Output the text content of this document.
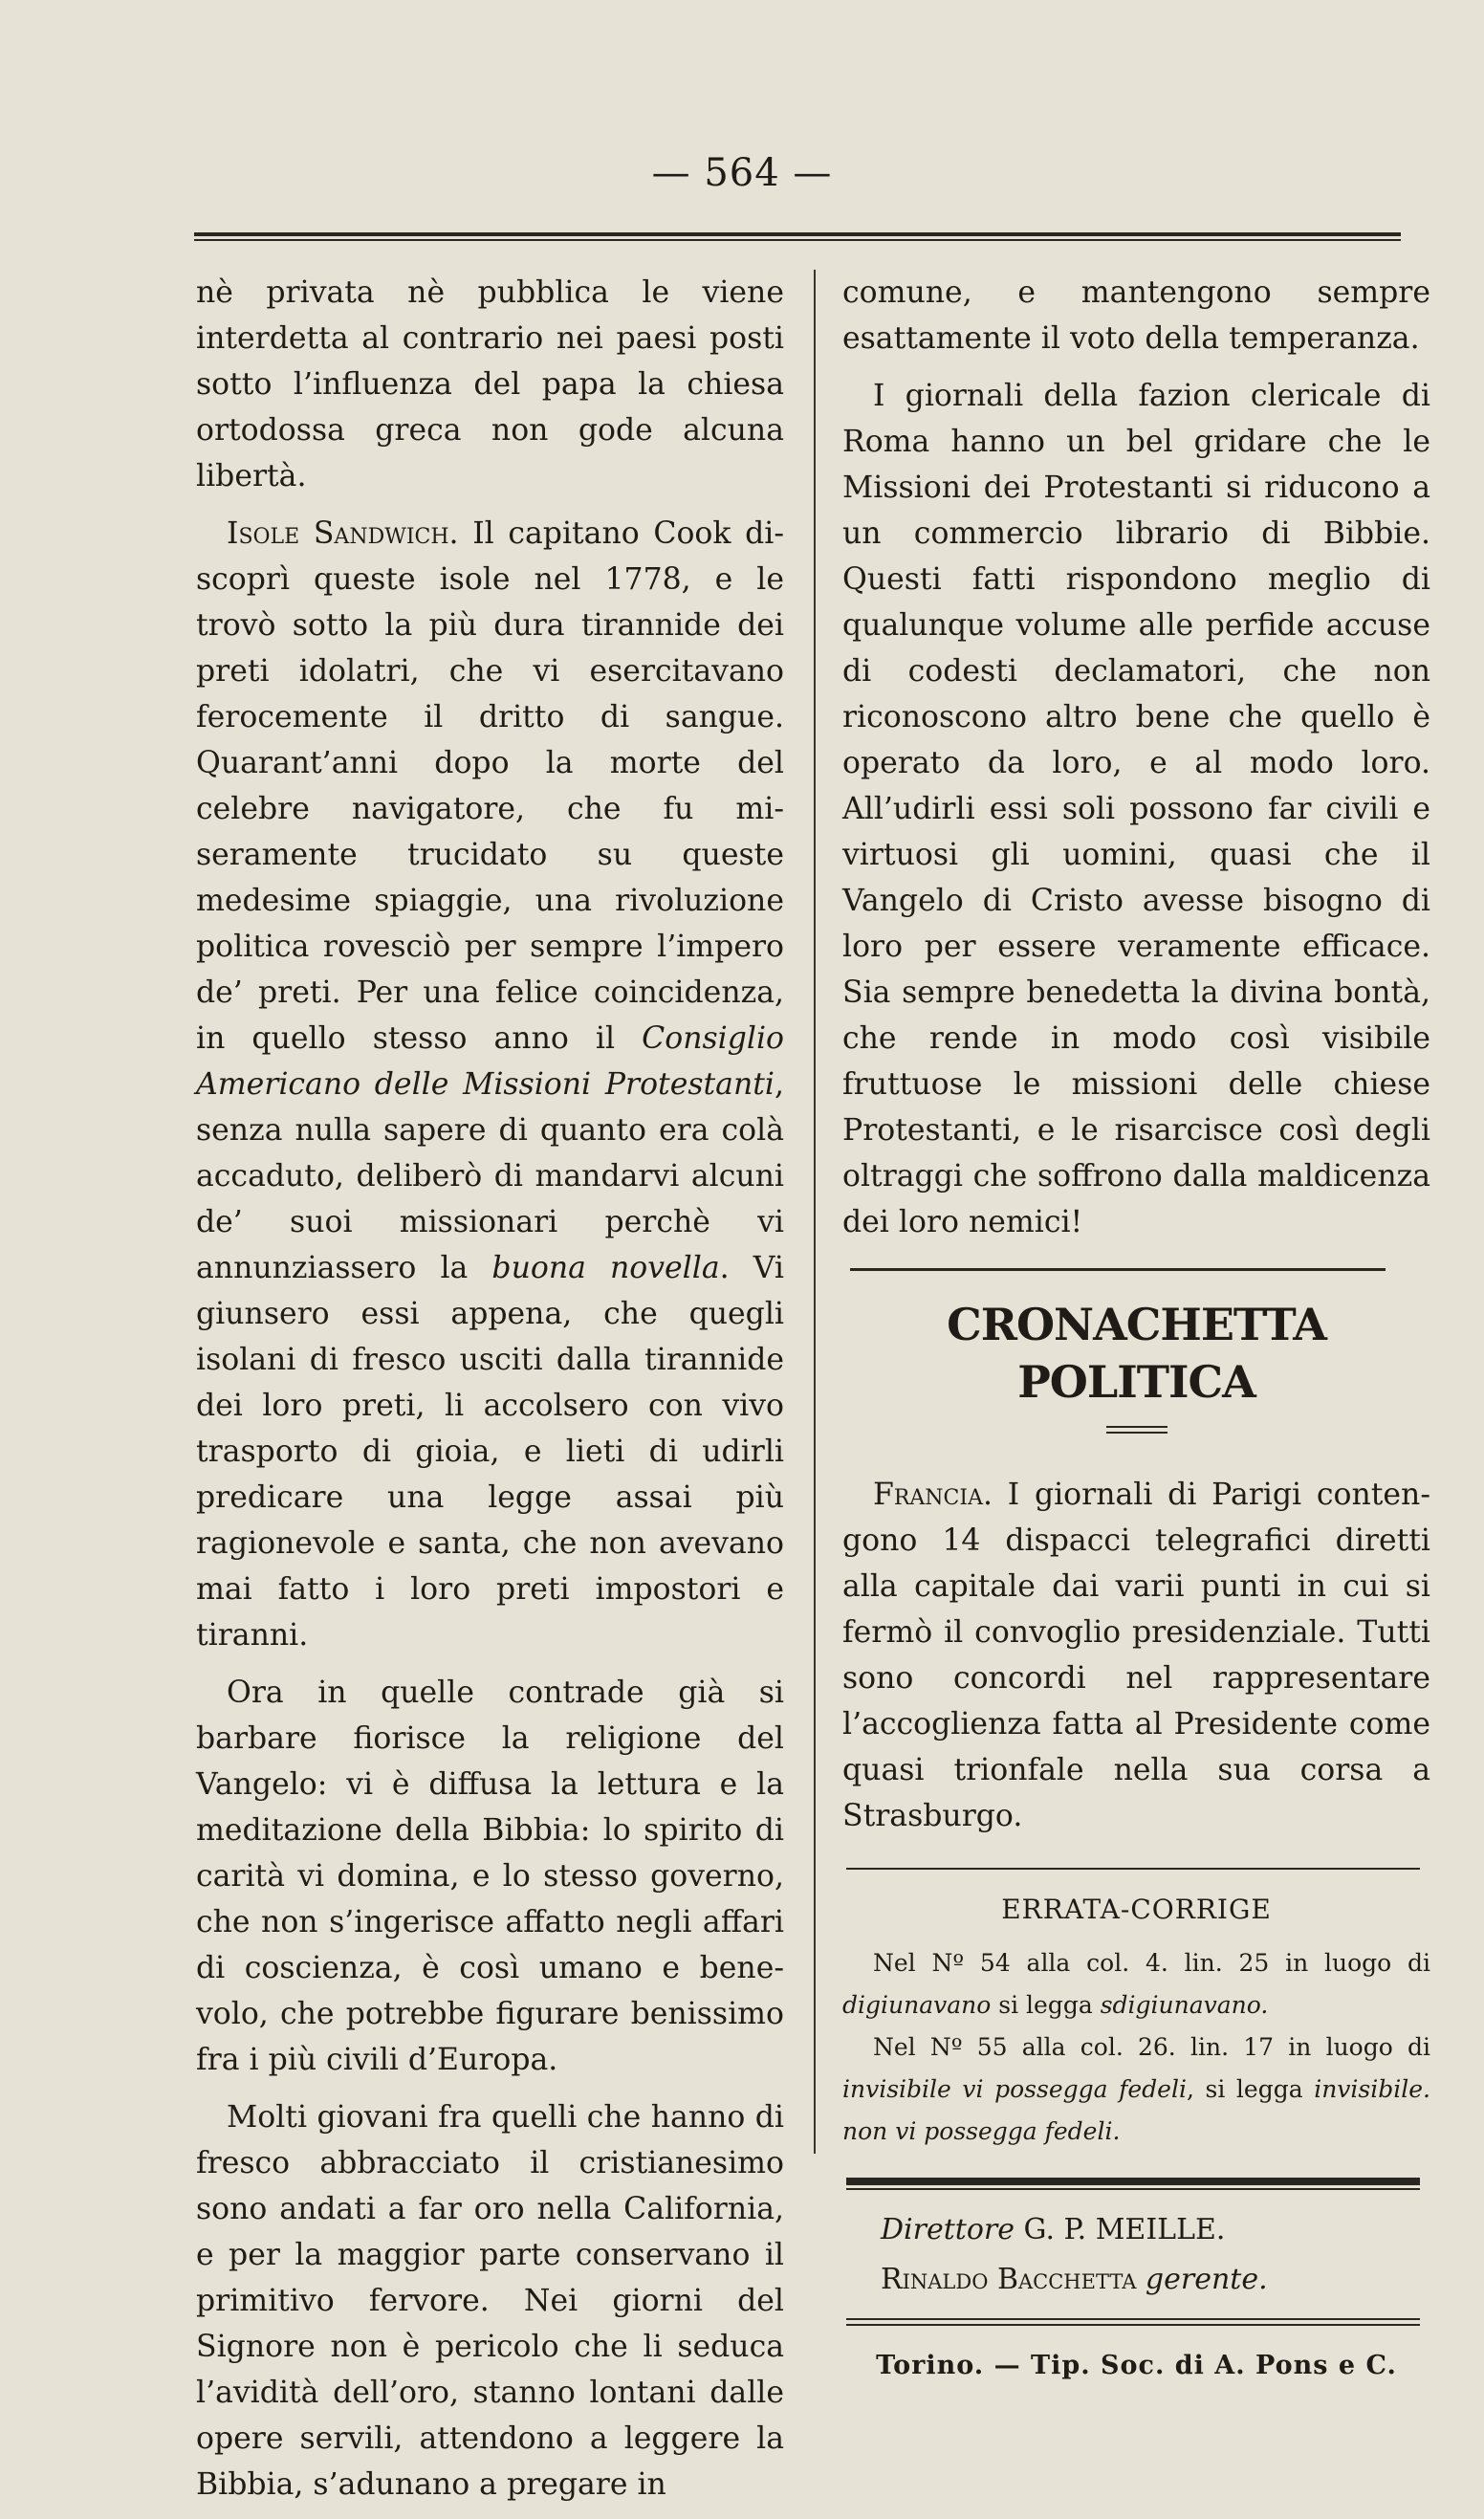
— 564 —

nè privata nè pubblica le viene interdetta al contrario nei paesi posti sotto l’influenza del papa la chiesa ortodossa greca non gode alcuna libertà.

Isole Sandwich. Il capitano Cook discoprì queste isole nel 1778, e le trovò sotto la più dura tirannide dei preti idolatri, che vi esercitavano ferocemente il dritto di sangue. Quarant’anni dopo la morte del celebre navigatore, che fu miseramente trucidato su queste medesime spiaggie, una rivoluzione politica rovesciò per sempre l’impero de’ preti. Per una felice coincidenza, in quello stesso anno il Consiglio Americano delle Missioni Protestanti, senza nulla sapere di quanto era colà accaduto, deliberò di mandarvi alcuni de’ suoi missionari perchè vi annunziassero la buona novella. Vi giunsero essi appena, che quegli isolani di fresco usciti dalla tirannide dei loro preti, li accolsero con vivo trasporto di gioia, e lieti di udirli predicare una legge assai più ragionevole e santa, che non avevano mai fatto i loro preti impostori e tiranni.

Ora in quelle contrade già si barbare fiorisce la religione del Vangelo: vi è diffusa la lettura e la meditazione della Bibbia: lo spirito di carità vi domina, e lo stesso governo, che non s’ingerisce affatto negli affari di coscienza, è così umano e benevolo, che potrebbe figurare benissimo fra i più civili d’Europa.

Molti giovani fra quelli che hanno di fresco abbracciato il cristianesimo sono andati a far oro nella California, e per la maggior parte conservano il primitivo fervore. Nei giorni del Signore non è pericolo che li seduca l’avidità dell’oro, stanno lontani dalle opere servili, attendono a leggere la Bibbia, s’adunano a pregare in

comune, e mantengono sempre esattamente il voto della temperanza.

I giornali della fazion clericale di Roma hanno un bel gridare che le Missioni dei Protestanti si riducono a un commercio librario di Bibbie. Questi fatti rispondono meglio di qualunque volume alle perfide accuse di codesti declamatori, che non riconoscono altro bene che quello è operato da loro, e al modo loro. All’udirli essi soli possono far civili e virtuosi gli uomini, quasi che il Vangelo di Cristo avesse bisogno di loro per essere veramente efficace. Sia sempre benedetta la divina bontà, che rende in modo così visibile fruttuose le missioni delle chiese Protestanti, e le risarcisce così degli oltraggi che soffrono dalla maldicenza dei loro nemici!

CRONACHETTA POLITICA

Francia. I giornali di Parigi contengono 14 dispacci telegrafici diretti alla capitale dai varii punti in cui si fermò il convoglio presidenziale. Tutti sono concordi nel rappresentare l’accoglienza fatta al Presidente come quasi trionfale nella sua corsa a Strasburgo.

ERRATA-CORRIGE

Nel Nº 54 alla col. 4. lin. 25 in luogo di digiunavano si legga sdigiunavano.

Nel Nº 55 alla col. 26. lin. 17 in luogo di invisibile vi possegga fedeli, si legga invisibile. non vi possegga fedeli.

Direttore G. P. MEILLE.

Rinaldo Bacchetta gerente.

Torino. — Tip. Soc. di A. Pons e C.
